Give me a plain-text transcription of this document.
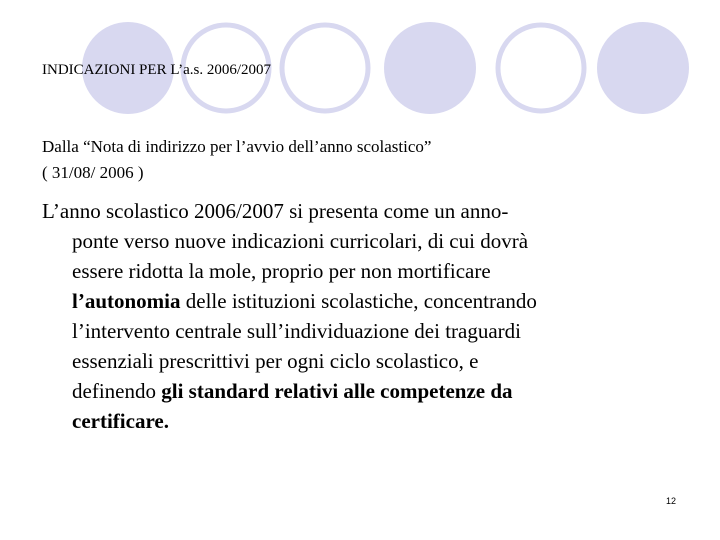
INDICAZIONI PER L’a.s. 2006/2007
Dalla “Nota di indirizzo per l’avvio dell’anno scolastico”
( 31/08/ 2006 )
L’anno scolastico 2006/2007 si presenta come un anno-
ponte verso nuove indicazioni curricolari, di cui dovrà
essere ridotta la mole, proprio per non mortificare
l’autonomia delle istituzioni scolastiche, concentrando
l’intervento centrale sull’individuazione dei traguardi
essenziali prescrittivi per ogni ciclo scolastico, e
definendo gli standard relativi alle competenze da
certificare.
12
